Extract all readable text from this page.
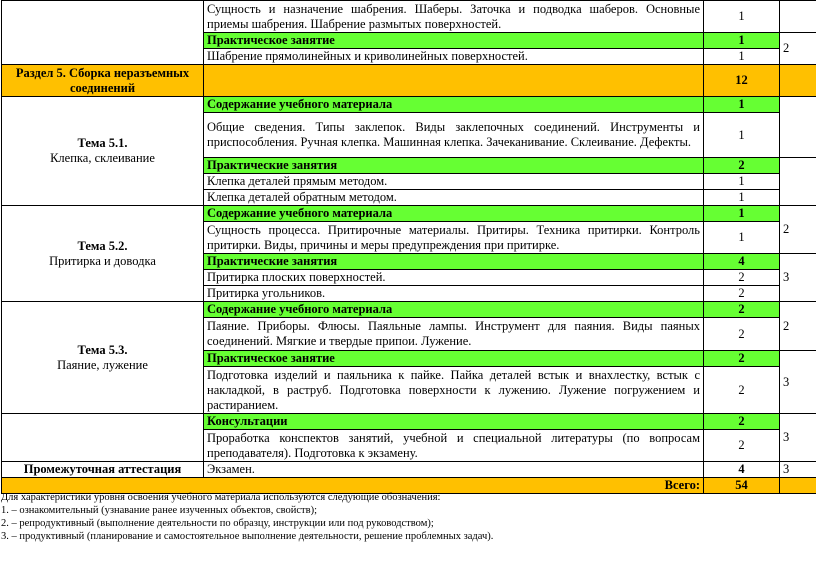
	Сущность и назначение шабрения. Шаберы. Заточка и подводка шаберов. Основные приемы шабрения. Шабрение размытых поверхностей.	1	
	Практическое занятие	1	2
	Шабрение прямолинейных и криволинейных поверхностей.	1	
Раздел 5. Сборка неразъемных соединений		12	

Тема 5.1.
Клепка, склеивание	Содержание учебного материала	1	
	Общие сведения. Типы заклепок. Виды заклепочных соединений. Инструменты и приспособления. Ручная клепка. Машинная клепка. Зачеканивание. Склеивание. Дефекты.	1	
	Практические занятия	2	
	Клепка деталей прямым методом.	1	
	Клепка деталей обратным методом.	1	

Тема 5.2.
Притирка и доводка	Содержание учебного материала	1	2
	Сущность процесса. Притирочные материалы. Притиры. Техника притирки. Контроль притирки. Виды, причины и меры предупреждения при притирке.	1	
	Практические занятия	4	3
	Притирка плоских поверхностей.	2	
	Притирка угольников.	2	

Тема 5.3.
Паяние, лужение	Содержание учебного материала	2	2
	Паяние. Приборы. Флюсы. Паяльные лампы. Инструмент для паяния. Виды паяных соединений. Мягкие и твердые припои. Лужение.	2	
	Практическое занятие	2	3
	Подготовка изделий и паяльника к пайке. Пайка деталей встык и внахлестку, встык с накладкой, в раструб. Подготовка поверхности к лужению. Лужение погружением и растиранием.	2	
	Консультации	2	3
	Проработка конспектов занятий, учебной и специальной литературы (по вопросам преподавателя). Подготовка к экзамену.	2	
Промежуточная аттестация	Экзамен.	4	3
Всего:		54	
Для характеристики уровня освоения учебного материала используются следующие обозначения:
1. – ознакомительный (узнавание ранее изученных объектов, свойств);
2. – репродуктивный (выполнение деятельности по образцу, инструкции или под руководством);
3. – продуктивный (планирование и самостоятельное выполнение деятельности, решение проблемных задач).
